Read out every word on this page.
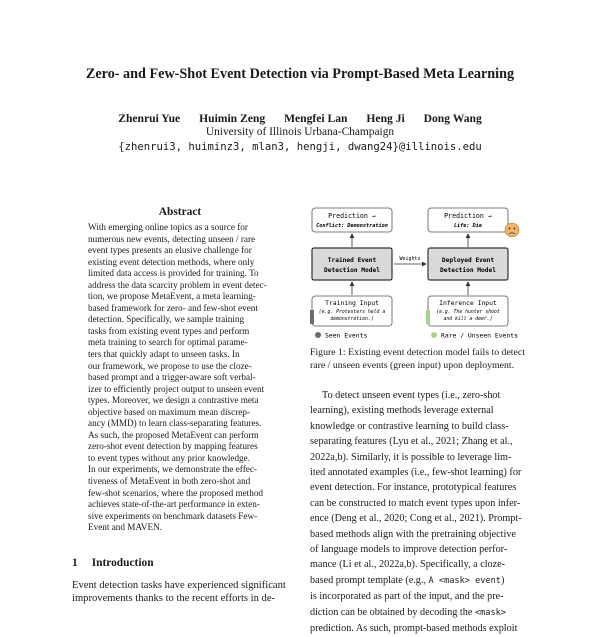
Zero- and Few-Shot Event Detection via Prompt-Based Meta Learning
Zhenrui Yue Huimin Zeng Mengfei Lan Heng Ji Dong Wang
University of Illinois Urbana-Champaign
{zhenrui3, huiminz3, mlan3, hengji, dwang24}@illinois.edu
Abstract
With emerging online topics as a source for
numerous new events, detecting unseen / rare
event types presents an elusive challenge for
existing event detection methods, where only
limited data access is provided for training. To
address the data scarcity problem in event detec-
tion, we propose MetaEvent, a meta learning-
based framework for zero- and few-shot event
detection. Specifically, we sample training
tasks from existing event types and perform
meta training to search for optimal parame-
ters that quickly adapt to unseen tasks. In
our framework, we propose to use the cloze-
based prompt and a trigger-aware soft verbal-
izer to efficiently project output to unseen event
types. Moreover, we design a contrastive meta
objective based on maximum mean discrep-
ancy (MMD) to learn class-separating features.
As such, the proposed MetaEvent can perform
zero-shot event detection by mapping features
to event types without any prior knowledge.
In our experiments, we demonstrate the effec-
tiveness of MetaEvent in both zero-shot and
few-shot scenarios, where the proposed method
achieves state-of-the-art performance in exten-
sive experiments on benchmark datasets Few-
Event and MAVEN.
1 Introduction
Event detection tasks have experienced significant
improvements thanks to the recent efforts in de-
Prediction →
Conflict: Demonstration
Trained Event
Detection Model
Training Input
(e.g. Protesters held a
demonstration.)
Weights
Prediction →
Life: Die
Deployed Event
Detection Model
Inference Input
(e.g. The hunter shoot
and kill a deer.)
Seen Events	Rare / Unseen Events
Figure 1: Existing event detection model fails to detect
rare / unseen events (green input) upon deployment.
To detect unseen event types (i.e., zero-shot
learning), existing methods leverage external
knowledge or contrastive learning to build class-
separating features (Lyu et al., 2021; Zhang et al.,
2022a,b). Similarly, it is possible to leverage lim-
ited annotated examples (i.e., few-shot learning) for
event detection. For instance, prototypical features
can be constructed to match event types upon infer-
ence (Deng et al., 2020; Cong et al., 2021). Prompt-
based methods align with the pretraining objective
of language models to improve detection perfor-
mance (Li et al., 2022a,b). Specifically, a cloze-
based prompt template (e.g., A <mask> event)
is incorporated as part of the input, and the pre-
diction can be obtained by decoding the <mask>
prediction. As such, prompt-based methods exploit
